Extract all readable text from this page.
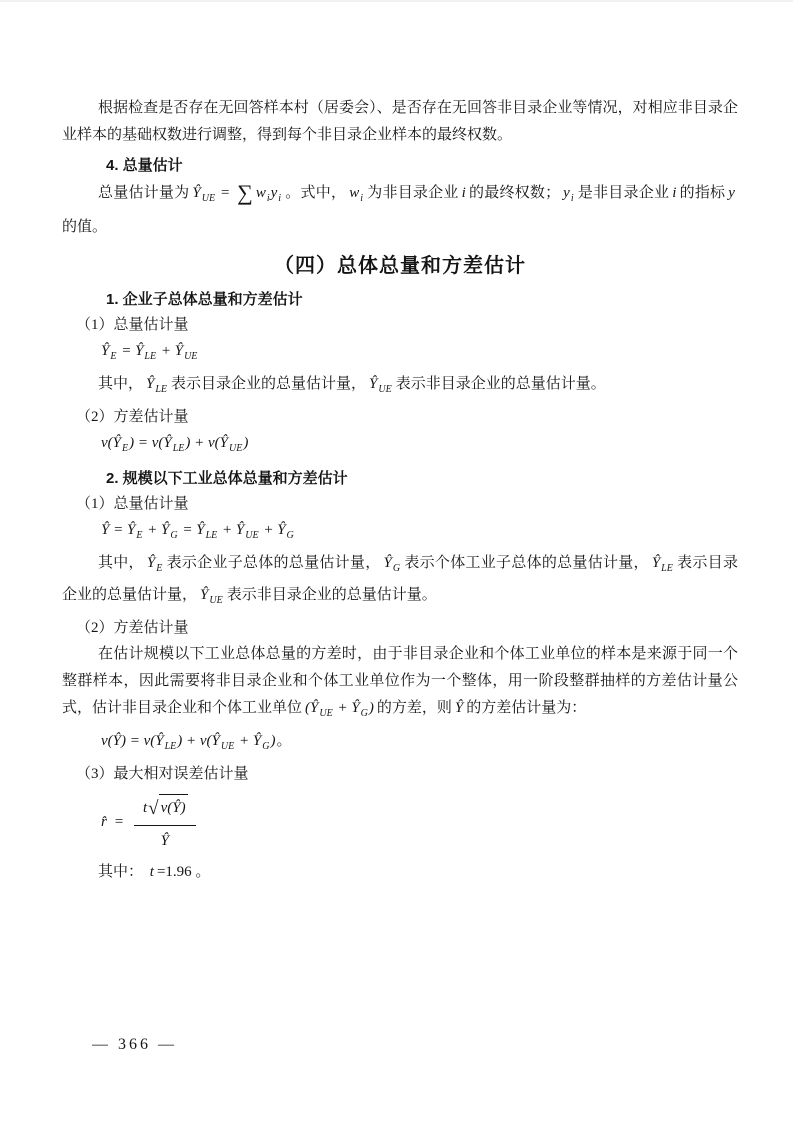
根据检查是否存在无回答样本村（居委会）、是否存在无回答非目录企业等情况，对相应非目录企业样本的基础权数进行调整，得到每个非目录企业样本的最终权数。

4. 总量估计

总量估计量为 $Ŷ_{UE}$ = ∑ $w_iy_i$ 。式中， $w_i$ 为非目录企业 i 的最终权数； $y_i$ 是非目录企业 i 的指标 y的值。

（四）总体总量和方差估计

1. 企业子总体总量和方差估计

（1）总量估计量

$Ŷ_E$ = $Ŷ_{LE}$ + $Ŷ_{UE}$

其中， $Ŷ_{LE}$ 表示目录企业的总量估计量， $Ŷ_{UE}$ 表示非目录企业的总量估计量。

（2）方差估计量

$v(Ŷ_E)$ = $v(Ŷ_{LE})$ + $v(Ŷ_{UE})$

2. 规模以下工业总体总量和方差估计

（1）总量估计量

Ŷ = $Ŷ_E$ + $Ŷ_G$ = $Ŷ_{LE}$ + $Ŷ_{UE}$ + $Ŷ_G$

其中， $Ŷ_E$ 表示企业子总体的总量估计量， $Ŷ_G$ 表示个体工业子总体的总量估计量， $Ŷ_{LE}$ 表示目录企业的总量估计量， $Ŷ_{UE}$ 表示非目录企业的总量估计量。

（2）方差估计量

在估计规模以下工业总体总量的方差时，由于非目录企业和个体工业单位的样本是来源于同一个整群样本，因此需要将非目录企业和个体工业单位作为一个整体，用一阶段整群抽样的方差估计量公式，估计非目录企业和个体工业单位 ($Ŷ_{UE}$ + $Ŷ_G$) 的方差，则 Ŷ 的方差估计量为：

v(Ŷ) = $v(Ŷ_{LE})$ + $v(Ŷ_{UE}$ + $Ŷ_G$)。

（3）最大相对误差估计量

r̂ = $\frac{t√ v(Ŷ)}{Ŷ}$

其中： t =1.96 。

— 366 —
